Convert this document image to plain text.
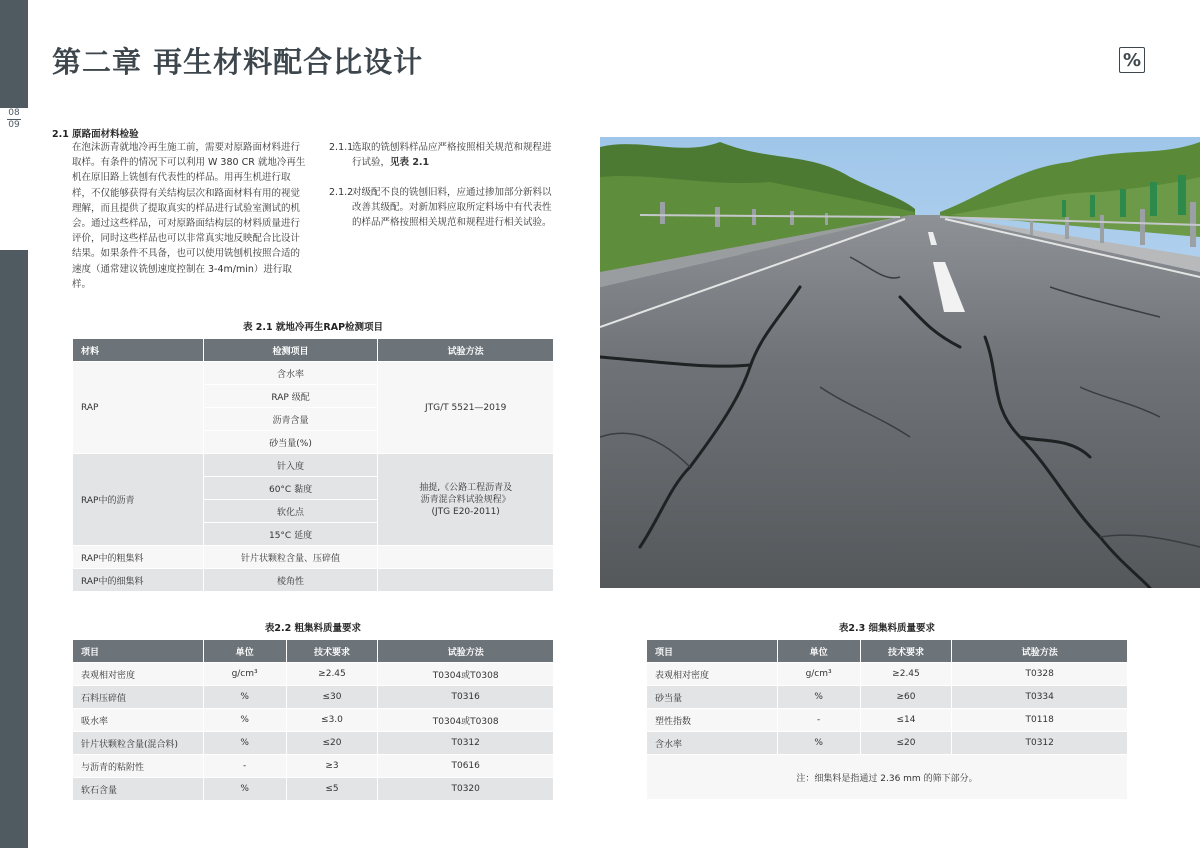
08
09
第二章 再生材料配合比设计	%
2.1 原路面材料检验
在泡沫沥青就地冷再生施工前，需要对原路面材料进行取样。有条件的情况下可以利用 W 380 CR 就地冷再生机在原旧路上铣刨有代表性的样品。用再生机进行取样，不仅能够获得有关结构层次和路面材料有用的视觉理解，而且提供了提取真实的样品进行试验室测试的机会。通过这些样品，可对原路面结构层的材料质量进行评价，同时这些样品也可以非常真实地反映配合比设计结果。如果条件不具备，也可以使用铣刨机按照合适的速度（通常建议铣刨速度控制在 3-4m/min）进行取样。
2.1.1
选取的铣刨料样品应严格按照相关规范和规程进行试验，见表 2.1
2.1.2
对级配不良的铣刨旧料，应通过掺加部分新料以改善其级配。对新加料应取所定料场中有代表性的样品严格按照相关规范和规程进行相关试验。
表 2.1 就地冷再生RAP检测项目
材料	检测项目	试验方法
RAP	含水率	JTG/T 5521—2019
	RAP 级配	
	沥青含量	
	砂当量(%)	
RAP中的沥青	针入度	抽提,《公路工程沥青及
沥青混合料试验规程》
(JTG E20-2011)
	60°C 黏度	
	软化点	
	15°C 延度	
RAP中的粗集料	针片状颗粒含量、压碎值	
RAP中的细集料	棱角性	
表2.2 粗集料质量要求
项目	单位	技术要求	试验方法
表观相对密度	g/cm³	≥2.45	T0304或T0308
石料压碎值	%	≤30	T0316
吸水率	%	≤3.0	T0304或T0308
针片状颗粒含量(混合料)	%	≤20	T0312
与沥青的粘附性	-	≥3	T0616
软石含量	%	≤5	T0320
表2.3 细集料质量要求
项目	单位	技术要求	试验方法
表观相对密度	g/cm³	≥2.45	T0328
砂当量	%	≥60	T0334
塑性指数	-	≤14	T0118
含水率	%	≤20	T0312
注：细集料是指通过 2.36 mm 的筛下部分。			
